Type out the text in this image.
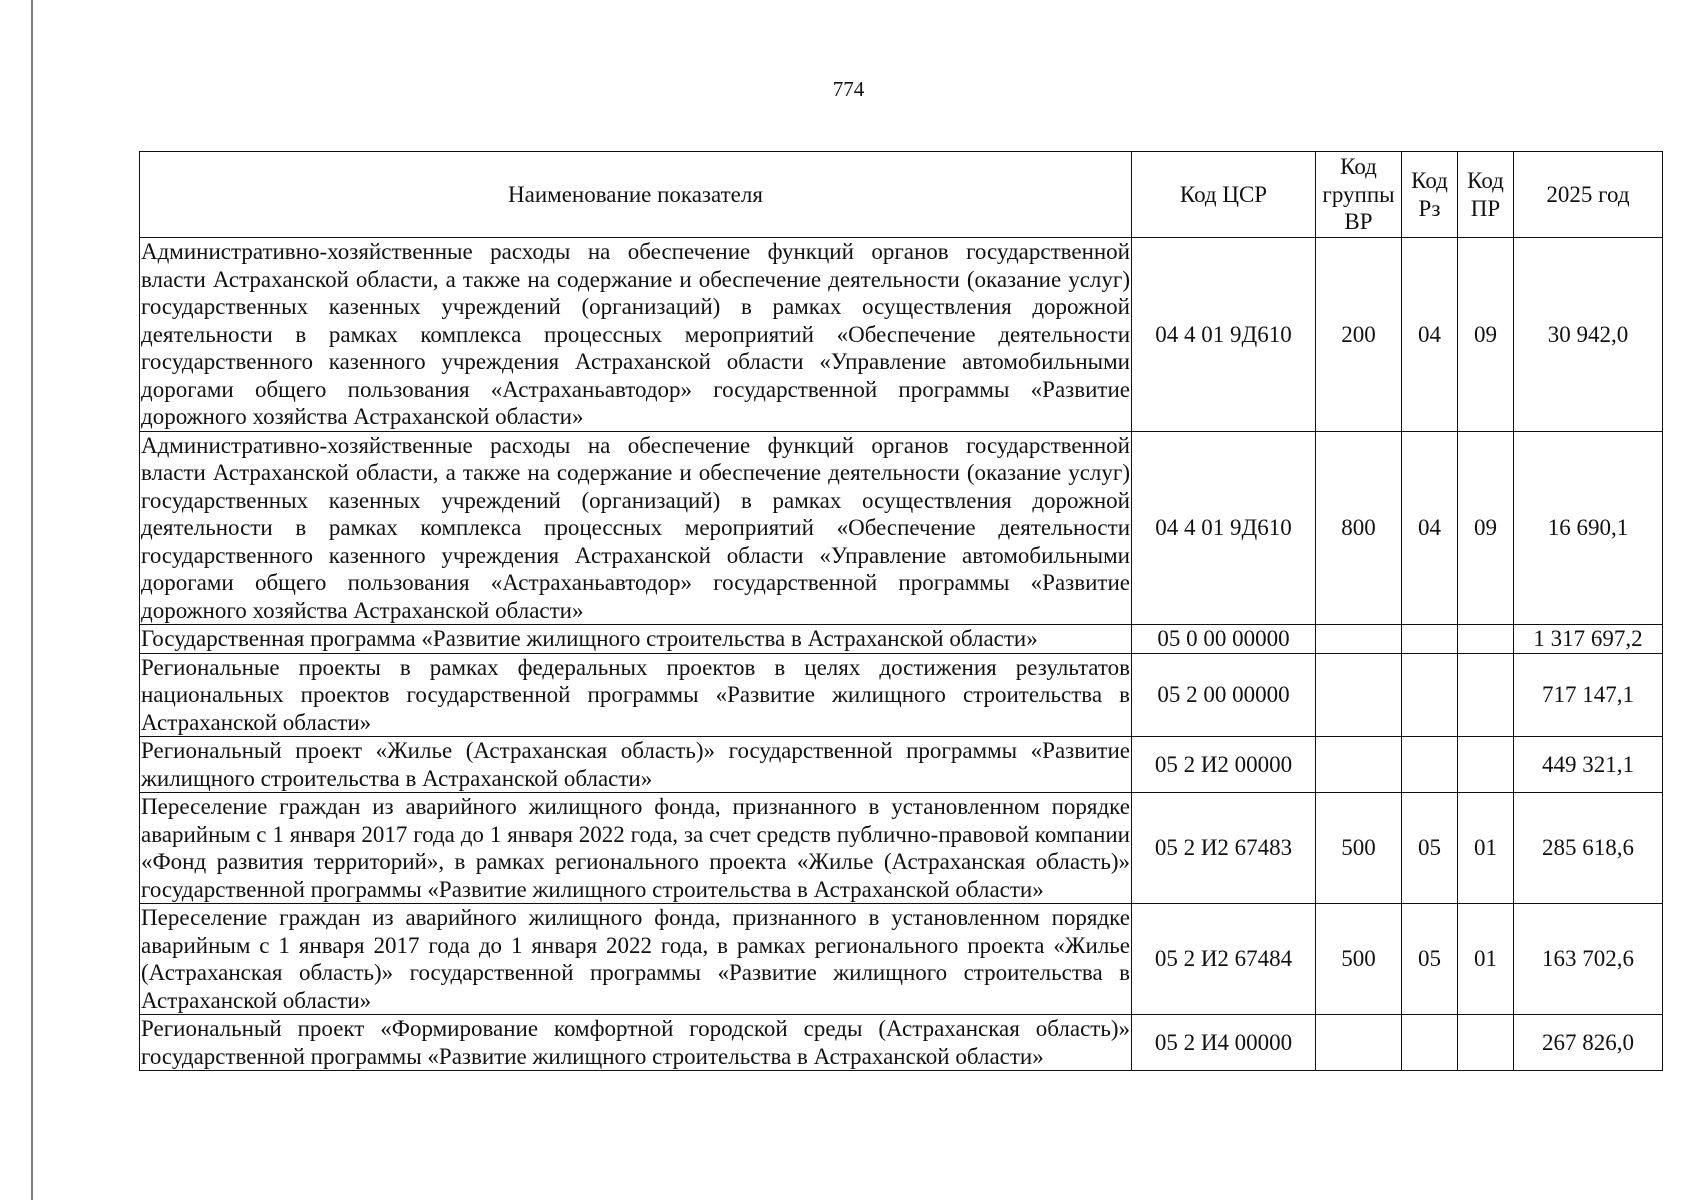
774
Наименование показателя	Код ЦСР	Код группы ВР	Код Рз	Код ПР	2025 год
Административно-хозяйственные расходы на обеспечение функций органов государственной власти Астраханской области, а также на содержание и обеспечение деятельности (оказание услуг) государственных казенных учреждений (организаций) в рамках осуществления дорожной деятельности в рамках комплекса процессных мероприятий «Обеспечение деятельности государственного казенного учреждения Астраханской области «Управление автомобильными дорогами общего пользования «Астраханьавтодор» государственной программы «Развитие дорожного хозяйства Астраханской области»	04 4 01 9Д610	200	04	09	30 942,0
Административно-хозяйственные расходы на обеспечение функций органов государственной власти Астраханской области, а также на содержание и обеспечение деятельности (оказание услуг) государственных казенных учреждений (организаций) в рамках осуществления дорожной деятельности в рамках комплекса процессных мероприятий «Обеспечение деятельности государственного казенного учреждения Астраханской области «Управление автомобильными дорогами общего пользования «Астраханьавтодор» государственной программы «Развитие дорожного хозяйства Астраханской области»	04 4 01 9Д610	800	04	09	16 690,1
Государственная программа «Развитие жилищного строительства в Астраханской области»	05 0 00 00000				1 317 697,2
Региональные проекты в рамках федеральных проектов в целях достижения результатов национальных проектов государственной программы «Развитие жилищного строительства в Астраханской области»	05 2 00 00000				717 147,1
Региональный проект «Жилье (Астраханская область)» государственной программы «Развитие жилищного строительства в Астраханской области»	05 2 И2 00000				449 321,1
Переселение граждан из аварийного жилищного фонда, признанного в установленном порядке аварийным с 1 января 2017 года до 1 января 2022 года, за счет средств публично-правовой компании «Фонд развития территорий», в рамках регионального проекта «Жилье (Астраханская область)» государственной программы «Развитие жилищного строительства в Астраханской области»	05 2 И2 67483	500	05	01	285 618,6
Переселение граждан из аварийного жилищного фонда, признанного в установленном порядке аварийным с 1 января 2017 года до 1 января 2022 года, в рамках регионального проекта «Жилье (Астраханская область)» государственной программы «Развитие жилищного строительства в Астраханской области»	05 2 И2 67484	500	05	01	163 702,6
Региональный проект «Формирование комфортной городской среды (Астраханская область)» государственной программы «Развитие жилищного строительства в Астраханской области»	05 2 И4 00000				267 826,0
